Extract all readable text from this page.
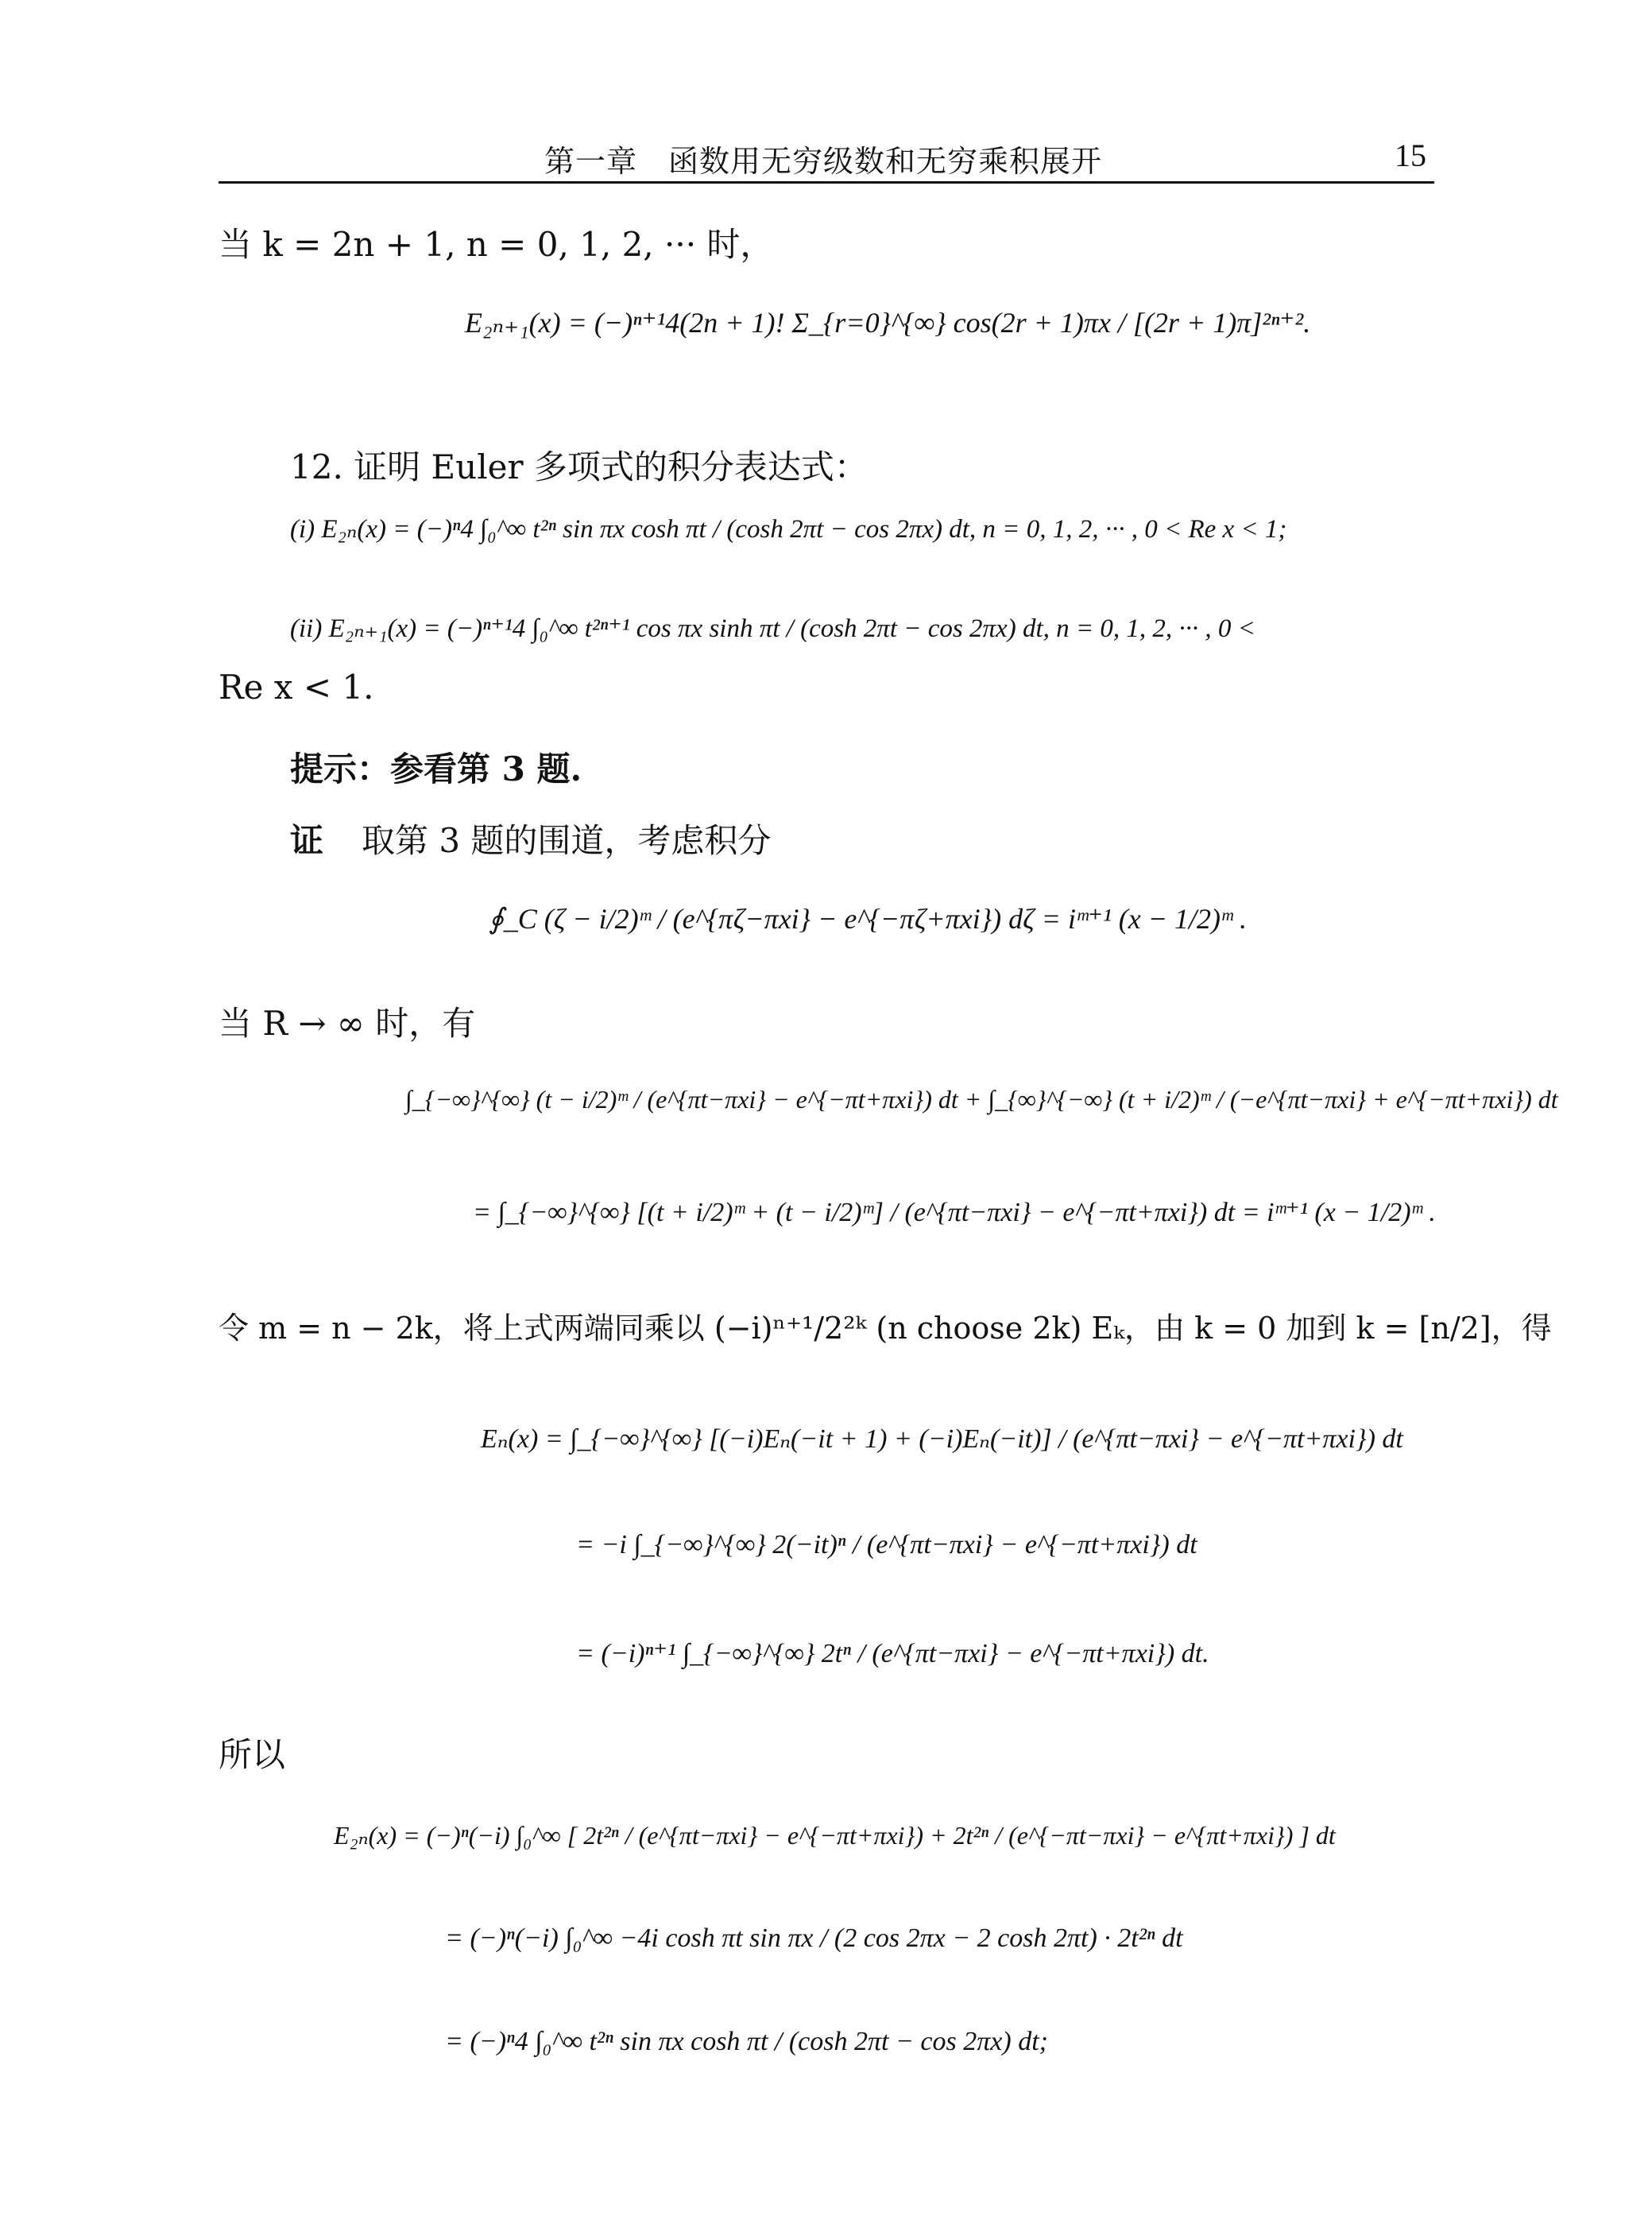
第一章　函数用无穷级数和无穷乘积展开	15
当 k = 2n + 1, n = 0, 1, 2, ··· 时，
E₂ₙ₊₁(x) = (−)ⁿ⁺¹4(2n + 1)! Σ_{r=0}^{∞} cos(2r + 1)πx / [(2r + 1)π]²ⁿ⁺².
12. 证明 Euler 多项式的积分表达式：
(i) E₂ₙ(x) = (−)ⁿ4 ∫₀^∞ t²ⁿ sin πx cosh πt / (cosh 2πt − cos 2πx) dt, n = 0, 1, 2, ··· , 0 < Re x < 1;
(ii) E₂ₙ₊₁(x) = (−)ⁿ⁺¹4 ∫₀^∞ t²ⁿ⁺¹ cos πx sinh πt / (cosh 2πt − cos 2πx) dt, n = 0, 1, 2, ··· , 0 <
Re x < 1.
提示：参看第 3 题.
证 取第 3 题的围道，考虑积分
∮_C (ζ − i/2)ᵐ / (e^{πζ−πxi} − e^{−πζ+πxi}) dζ = iᵐ⁺¹ (x − 1/2)ᵐ .
当 R → ∞ 时，有
∫_{−∞}^{∞} (t − i/2)ᵐ / (e^{πt−πxi} − e^{−πt+πxi}) dt + ∫_{∞}^{−∞} (t + i/2)ᵐ / (−e^{πt−πxi} + e^{−πt+πxi}) dt
= ∫_{−∞}^{∞} [(t + i/2)ᵐ + (t − i/2)ᵐ] / (e^{πt−πxi} − e^{−πt+πxi}) dt = iᵐ⁺¹ (x − 1/2)ᵐ .
令 m = n − 2k，将上式两端同乘以 (−i)ⁿ⁺¹/2²ᵏ (n choose 2k) Eₖ，由 k = 0 加到 k = [n/2]，得
Eₙ(x) = ∫_{−∞}^{∞} [(−i)Eₙ(−it + 1) + (−i)Eₙ(−it)] / (e^{πt−πxi} − e^{−πt+πxi}) dt
= −i ∫_{−∞}^{∞} 2(−it)ⁿ / (e^{πt−πxi} − e^{−πt+πxi}) dt
= (−i)ⁿ⁺¹ ∫_{−∞}^{∞} 2tⁿ / (e^{πt−πxi} − e^{−πt+πxi}) dt.
所以
E₂ₙ(x) = (−)ⁿ(−i) ∫₀^∞ [ 2t²ⁿ / (e^{πt−πxi} − e^{−πt+πxi}) + 2t²ⁿ / (e^{−πt−πxi} − e^{πt+πxi}) ] dt
= (−)ⁿ(−i) ∫₀^∞ −4i cosh πt sin πx / (2 cos 2πx − 2 cosh 2πt) · 2t²ⁿ dt
= (−)ⁿ4 ∫₀^∞ t²ⁿ sin πx cosh πt / (cosh 2πt − cos 2πx) dt;
